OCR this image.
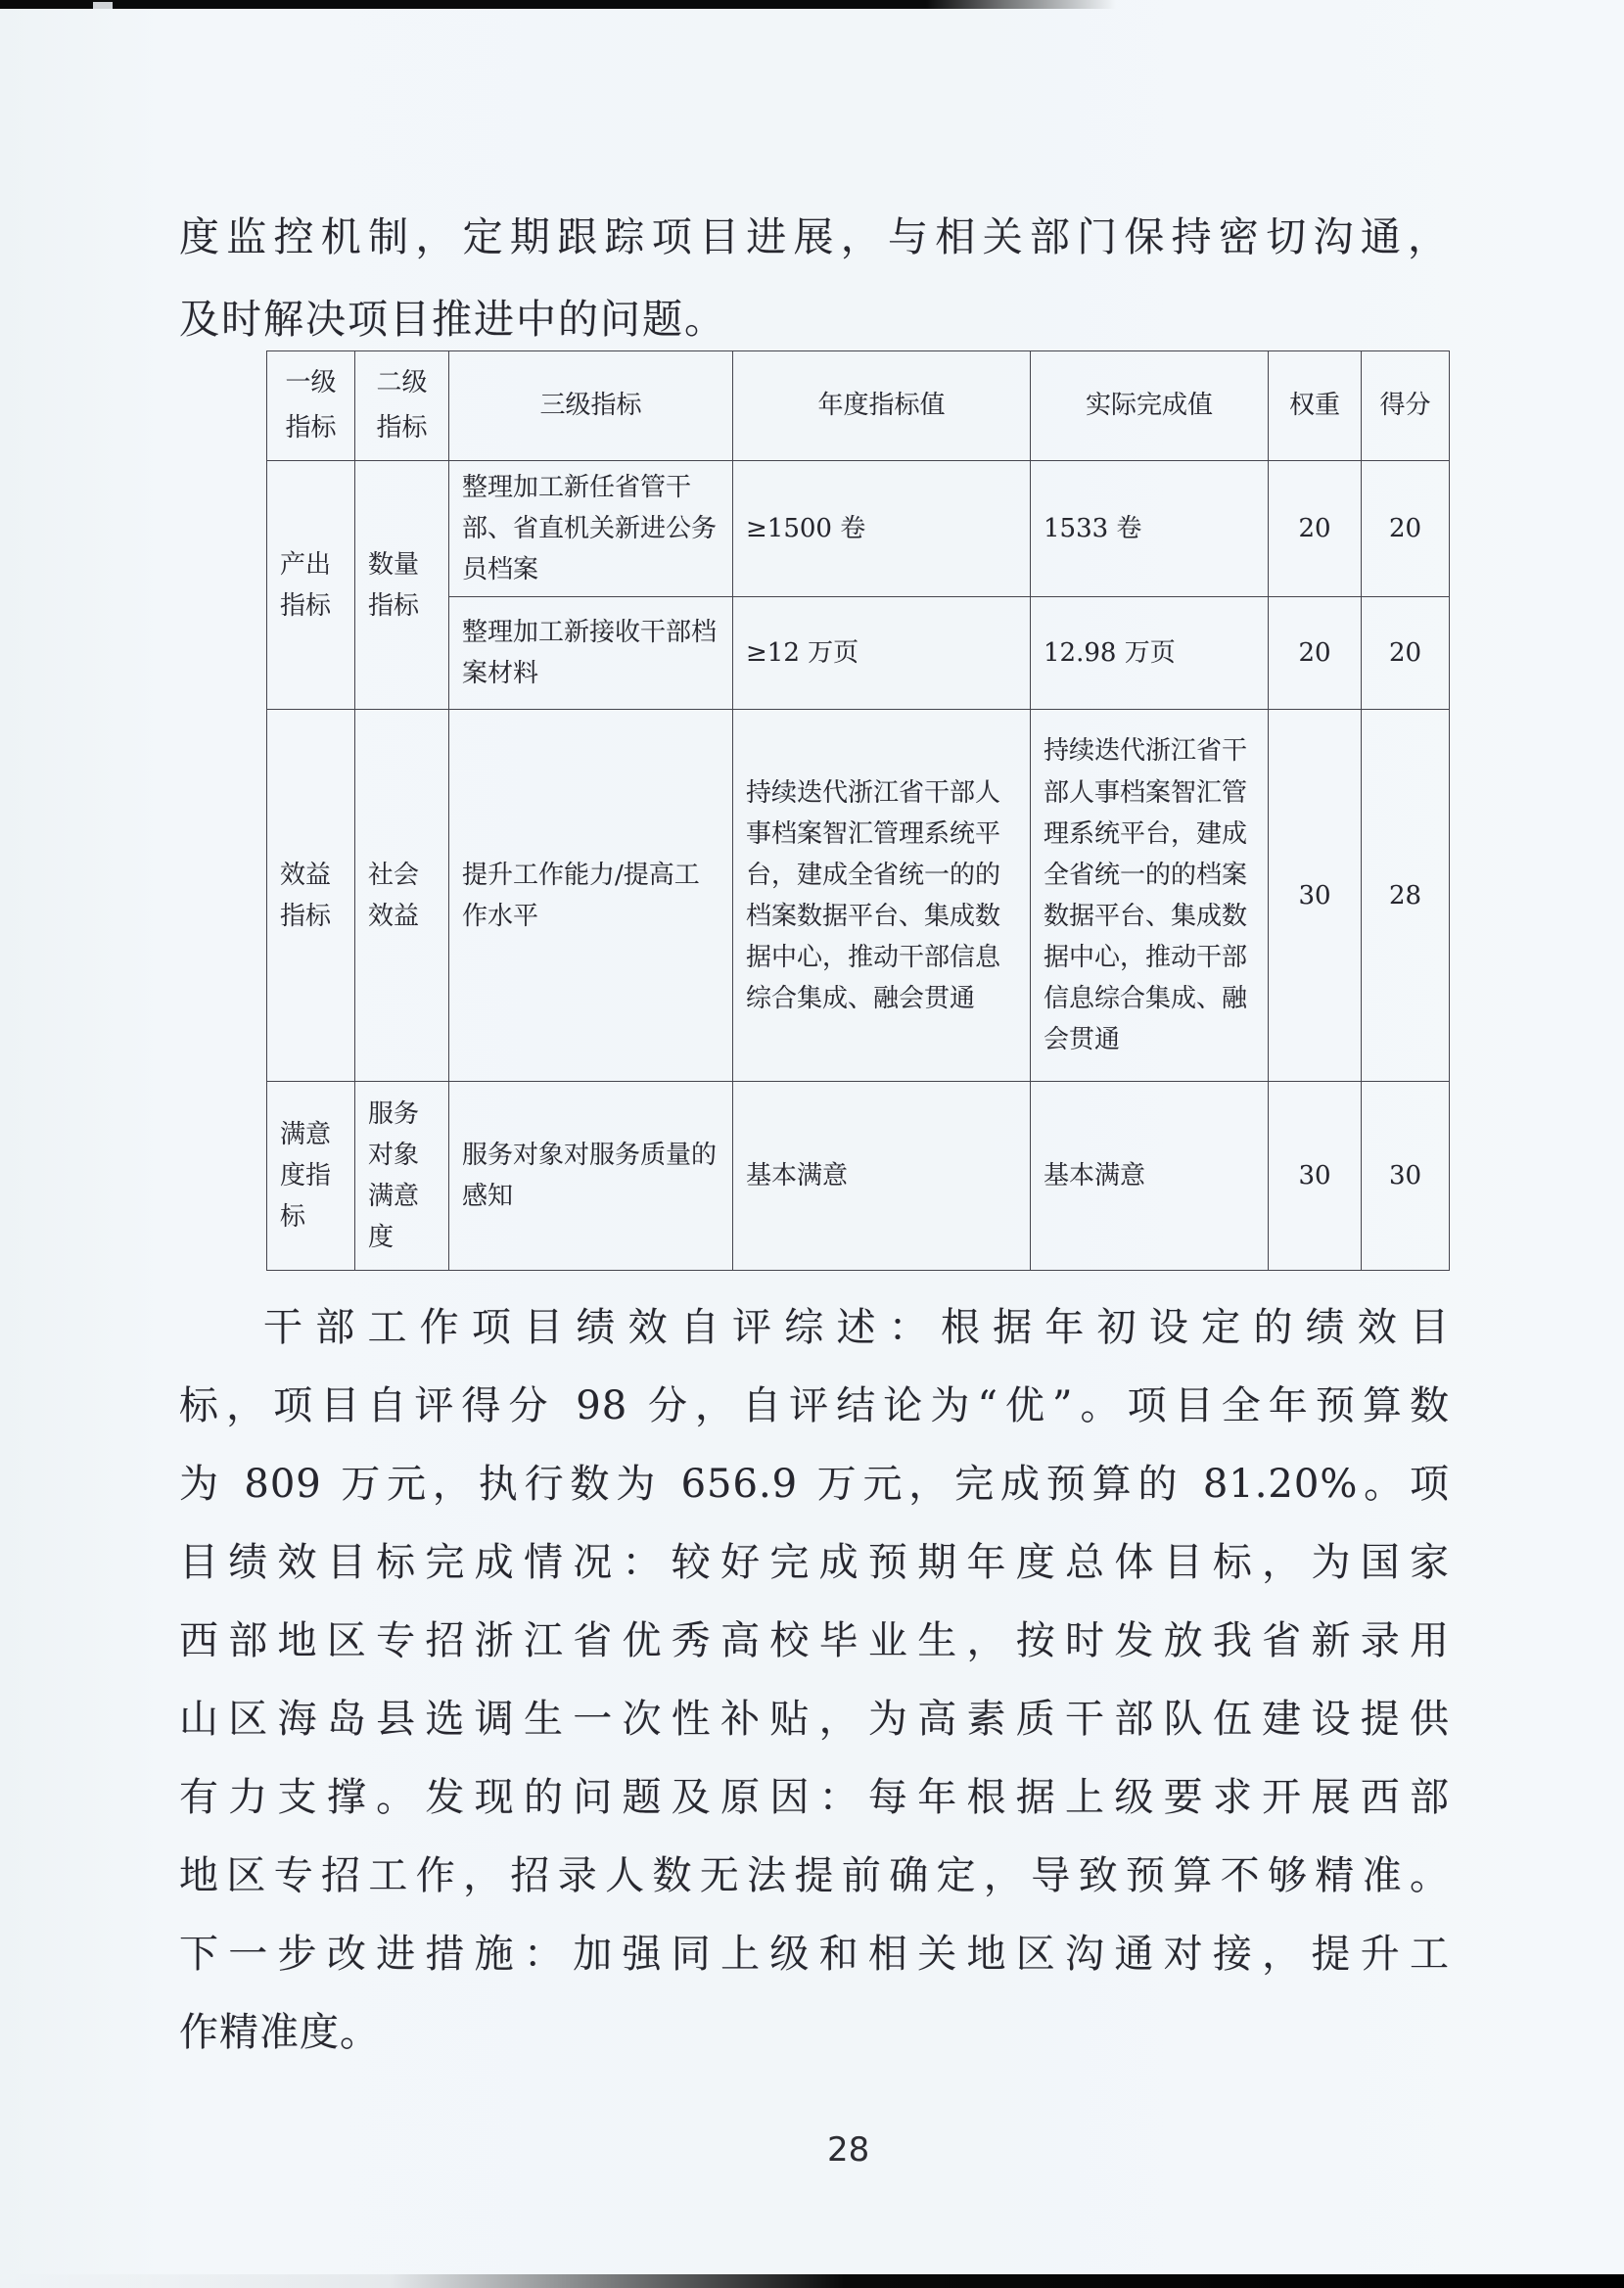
度监控机制，定期跟踪项目进展，与相关部门保持密切沟通，
及时解决项目推进中的问题。
一级指标	二级指标	三级指标	年度指标值	实际完成值	权重	得分
产出指标	数量指标	整理加工新任省管干部、省直机关新进公务员档案	≥1500 卷	1533 卷	20	20
		整理加工新接收干部档案材料	≥12 万页	12.98 万页	20	20
效益指标	社会效益	提升工作能力/提高工作水平	持续迭代浙江省干部人事档案智汇管理系统平台，建成全省统一的的档案数据平台、集成数据中心，推动干部信息综合集成、融会贯通	持续迭代浙江省干部人事档案智汇管理系统平台，建成全省统一的的档案数据平台、集成数据中心，推动干部信息综合集成、融会贯通	30	28
满意度指标	服务对象满意度	服务对象对服务质量的感知	基本满意	基本满意	30	30
干部工作项目绩效自评综述：根据年初设定的绩效目
标，项目自评得分 98 分，自评结论为“优”。项目全年预算数
为 809 万元，执行数为 656.9 万元，完成预算的 81.20%。项
目绩效目标完成情况：较好完成预期年度总体目标，为国家
西部地区专招浙江省优秀高校毕业生，按时发放我省新录用
山区海岛县选调生一次性补贴，为高素质干部队伍建设提供
有力支撑。发现的问题及原因：每年根据上级要求开展西部
地区专招工作，招录人数无法提前确定，导致预算不够精准。
下一步改进措施：加强同上级和相关地区沟通对接，提升工
作精准度。
28
